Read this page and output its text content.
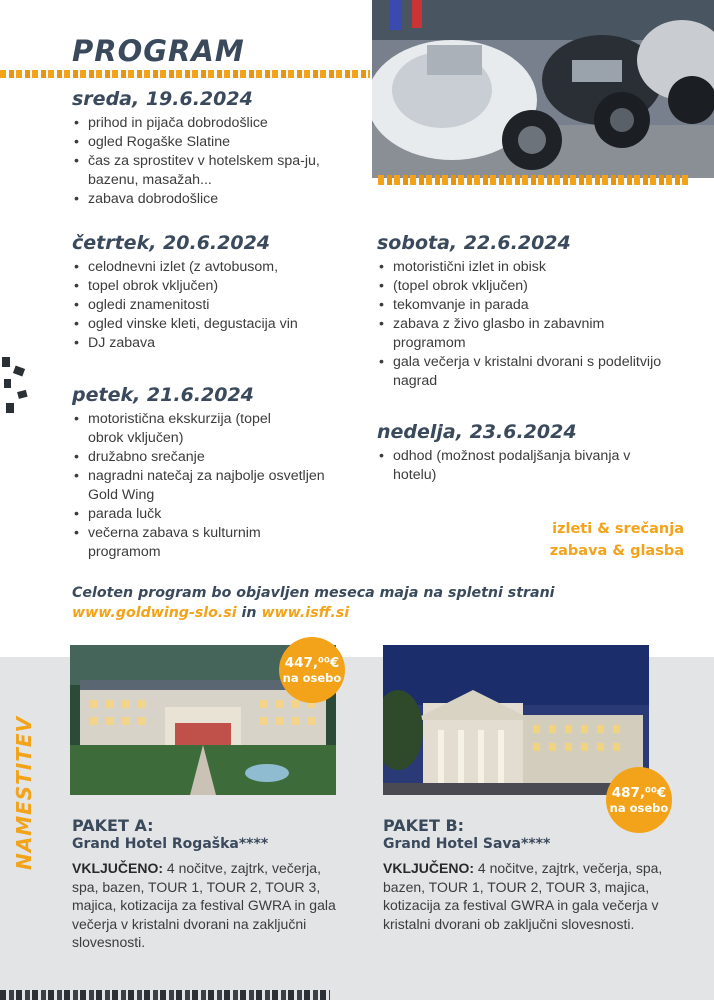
PROGRAM
sreda, 19.6.2024
• prihod in pijača dobrodošlice
• ogled Rogaške Slatine
• čas za sprostitev v hotelskem spa-ju, bazenu, masažah...
• zabava dobrodošlice
četrtek, 20.6.2024
• celodnevni izlet (z avtobusom,
• topel obrok vključen)
• ogledi znamenitosti
• ogled vinske kleti, degustacija vin
• DJ zabava
petek, 21.6.2024
• motoristična ekskurzija (topel obrok vključen)
• družabno srečanje
• nagradni natečaj za najbolje osvetljen Gold Wing
• parada lučk
• večerna zabava s kulturnim programom
sobota, 22.6.2024
• motoristični izlet in obisk
• (topel obrok vključen)
• tekomvanje in parada
• zabava z živo glasbo in zabavnim programom
• gala večerja v kristalni dvorani s podelitvijo nagrad
nedelja, 23.6.2024
• odhod (možnost podaljšanja bivanja v hotelu)
izleti & srečanja
zabava & glasba
Celoten program bo objavljen meseca maja na spletni strani
www.goldwing-slo.si in www.isff.si
NAMESTITEV
447,⁰⁰€
na osebo
487,⁰⁰€
na osebo
PAKET A:
Grand Hotel Rogaška****
VKLJUČENO: 4 nočitve, zajtrk, večerja, spa, bazen, TOUR 1, TOUR 2, TOUR 3, majica, kotizacija za festival GWRA in gala večerja v kristalni dvorani na zaključni slovesnosti.
PAKET B:
Grand Hotel Sava****
VKLJUČENO: 4 nočitve, zajtrk, večerja, spa, bazen, TOUR 1, TOUR 2, TOUR 3, majica, kotizacija za festival GWRA in gala večerja v kristalni dvorani ob zaključni slovesnosti.
